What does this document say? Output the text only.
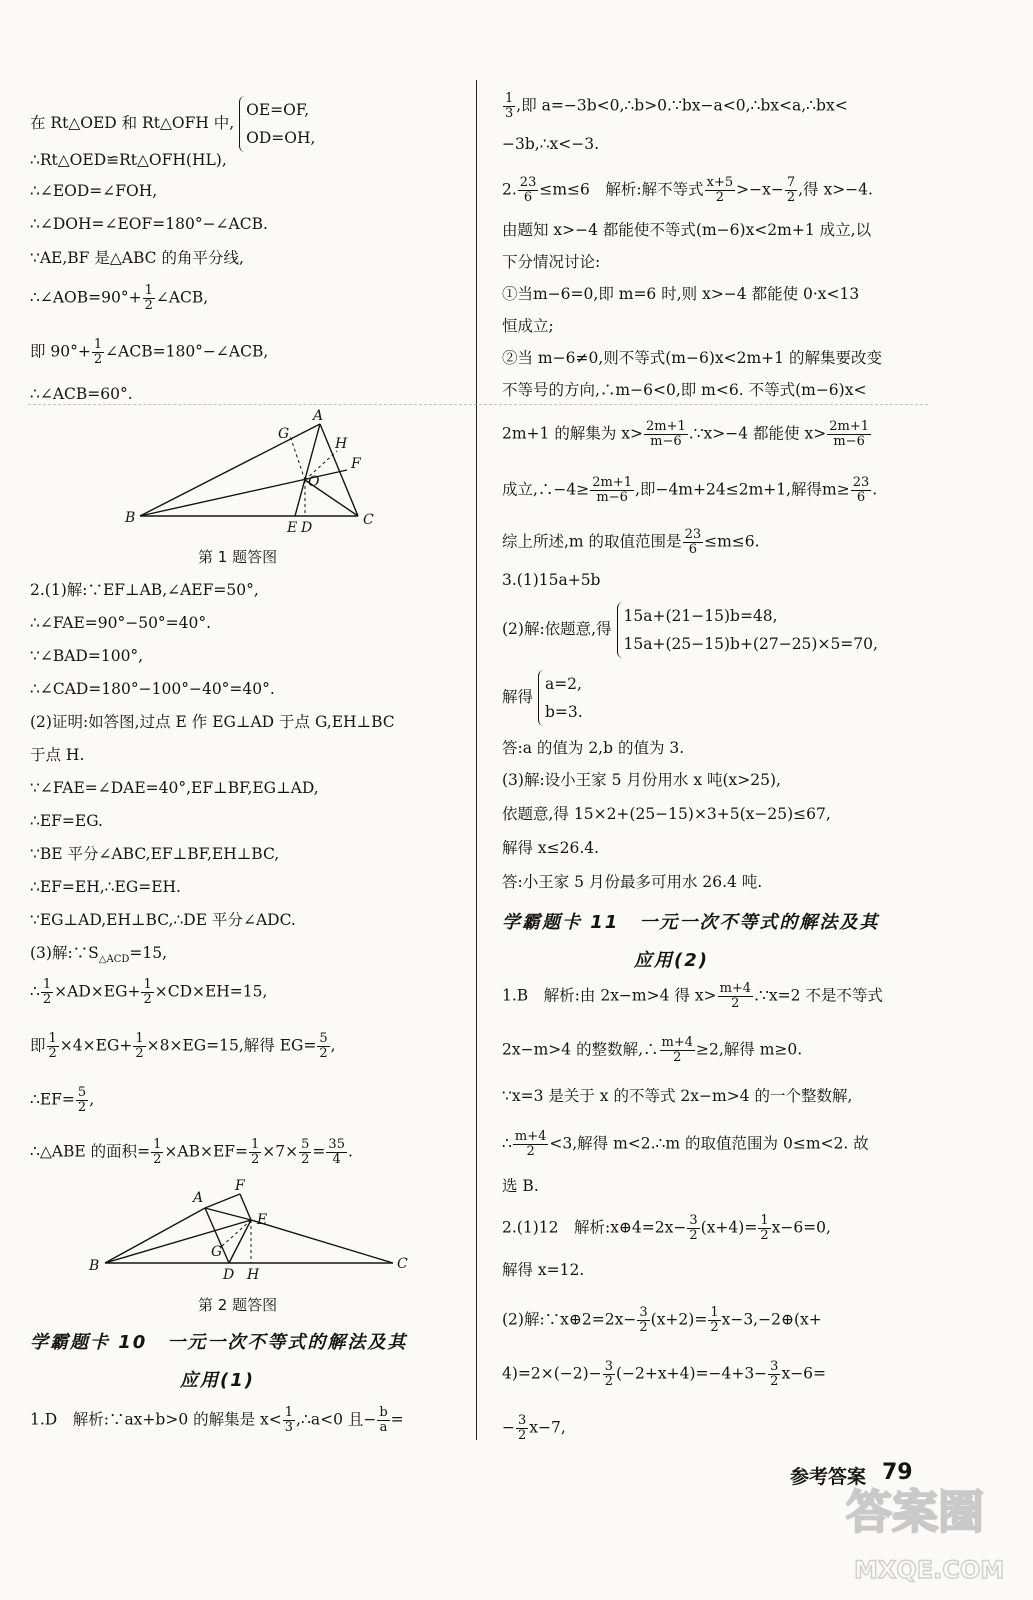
在 Rt△OED 和 Rt△OFH 中,
OE=OF,
OD=OH,
∴Rt△OED≌Rt△OFH(HL),
∴∠EOD=∠FOH,
∴∠DOH=∠EOF=180°−∠ACB.
∵AE,BF 是△ABC 的角平分线,
∴∠AOB=90°+ $\frac{1}{2}$ ∠ACB,
即 $90^\circ+ \frac{1}{2}$ ∠ACB=180°−∠ACB,
∴∠ACB=60°.
A
B	C
G
H
F
O
E D
第 1 题答图
2.(1)解:∵EF⊥AB,∠AEF=50°,
∴∠FAE=90°−50°=40°.
∵∠BAD=100°,
∴∠CAD=180°−100°−40°=40°.
(2)证明:如答图,过点 E 作 EG⊥AD 于点 G,EH⊥BC
于点 H.
∵∠FAE=∠DAE=40°,EF⊥BF,EG⊥AD,
∴EF=EG.
∵BE 平分∠ABC,EF⊥BF,EH⊥BC,
∴EF=EH,∴EG=EH.
∵EG⊥AD,EH⊥BC,∴DE 平分∠ADC.
(3)解$:\because S_{\triangle ACD}=15$,
∴ $\frac{1}{2} \times AD\times EG+ \frac{1}{2} \times CD\times EH=15$,
即 $\frac{1}{2} \times 4\times EG+ \frac{1}{2} \times 8\times EG=15$,解得 $EG= \frac{5}{2}$ ,
∴EF= $\frac{5}{2}$ ,
∴△ABE 的面积= $\frac{1}{2} \times AB\times EF= \frac{1}{2} \times 7\times \frac{5}{2} = \frac{35}{4}$ .
A
B	C
F
E
G
D H
第 2 题答图
学霸题卡 10　一元一次不等式的解法及其
应用(1)
1.D　解析:∵ax+b>0 的解集是 $x< \frac{1}{3}$ ,∴a<0 且− $\frac{b}{a}$ =
$\frac{1}{3}$ ,即 a=−3b<0,∴b>0.∵bx−a<0,∴bx<a,∴bx<
−3b,∴x<−3.
2. $\frac{23}{6} \le m\le 6$　解析:解不等式 $\frac{x+5}{2} >-x- \frac{7}{2}$ ,得 x>−4.
由题知 x>−4 都能使不等式(m−6)x<2m+1 成立,以
下分情况讨论:
①当m−6=0,即 m=6 时,则 x>−4 都能使 0·x<13
恒成立;
②当 m−6≠0,则不等式(m−6)x<2m+1 的解集要改变
不等号的方向,∴m−6<0,即 m<6. 不等式(m−6)x<
2m+1 的解集为 $x> \frac{2m+1}{m-6}$ .∵x>−4 都能使 $x> \frac{2m+1}{m-6}$
成立,∴−4≥ $\frac{2m+1}{m-6}$ ,即−4m+24≤2m+1,解得$m\ge \frac{23}{6}$ .
综上所述,m 的取值范围是 $\frac{23}{6} \le m\le 6$.
3.(1)15a+5b
(2)解:依题意,得
15a+(21−15)b=48,
15a+(25−15)b+(27−25)×5=70,
解得
a=2,
b=3.
答:a 的值为 2,b 的值为 3.
(3)解:设小王家 5 月份用水 x 吨(x>25),
依题意,得 15×2+(25−15)×3+5(x−25)≤67,
解得 x≤26.4.
答:小王家 5 月份最多可用水 26.4 吨.
学霸题卡 11　一元一次不等式的解法及其
应用(2)
1.B　解析:由 2x−m>4 得 $x> \frac{m+4}{2}$ .∵x=2 不是不等式
2x−m>4 的整数解,∴ $\frac{m+4}{2} \ge 2$,解得 m≥0.
∵x=3 是关于 x 的不等式 2x−m>4 的一个整数解,
∴ $\frac{m+4}{2} <3$,解得 m<2.∴m 的取值范围为 0≤m<2. 故
选 B.
2.(1)12　解析:x⊕4=2x− $\frac{3}{2} (x+4)= \frac{1}{2} x-6=0$,
解得 x=12.
(2)解:∵x⊕2=2x− $\frac{3}{2} (x+2)= \frac{1}{2}$ x−3,−2⊕(x+
$4)=2\times(-2)- \frac{3}{2} (-2+x+4)=-4+3- \frac{3}{2} x-6=$
− $\frac{3}{2} x-7$,
参考答案 79
答案圈
MXQE.COM
